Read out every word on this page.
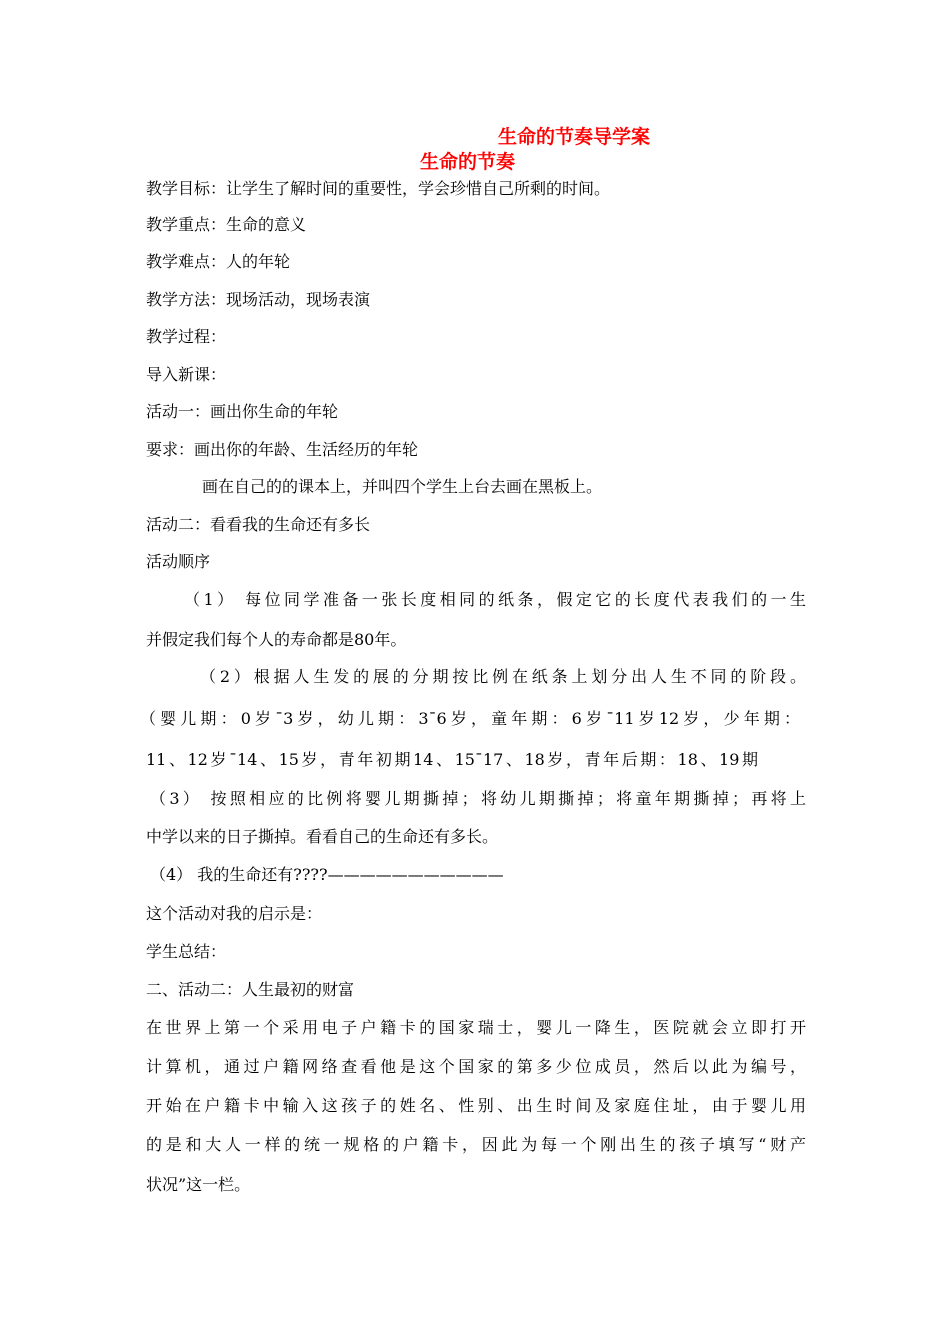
生命的节奏导学案
生命的节奏

教学目标：让学生了解时间的重要性，学会珍惜自己所剩的时间。

教学重点：生命的意义

教学难点：人的年轮

教学方法：现场活动，现场表演

教学过程：

导入新课：

活动一：画出你生命的年轮

要求：画出你的年龄、生活经历的年轮

画在自己的的课本上，并叫四个学生上台去画在黑板上。

活动二：看看我的生命还有多长

活动顺序

（1） 每位同学准备一张长度相同的纸条，假定它的长度代表我们的一生

并假定我们每个人的寿命都是80年。

（2）根据人生发的展的分期按比例在纸条上划分出人生不同的阶段。

（婴儿期：0岁¯3岁，幼儿期：3¯6岁，童年期：6岁¯11岁12岁，少年期：

11、12岁¯14、15岁，青年初期14、15¯17、18岁，青年后期：18、19期

（3） 按照相应的比例将婴儿期撕掉；将幼儿期撕掉；将童年期撕掉；再将上

中学以来的日子撕掉。看看自己的生命还有多长。

（4） 我的生命还有????———————————

这个活动对我的启示是：

学生总结：

二、活动二：人生最初的财富

在世界上第一个采用电子户籍卡的国家瑞士，婴儿一降生，医院就会立即打开

计算机，通过户籍网络查看他是这个国家的第多少位成员，然后以此为编号，

开始在户籍卡中输入这孩子的姓名、性别、出生时间及家庭住址，由于婴儿用

的是和大人一样的统一规格的户籍卡，因此为每一个刚出生的孩子填写“财产

状况”这一栏。
